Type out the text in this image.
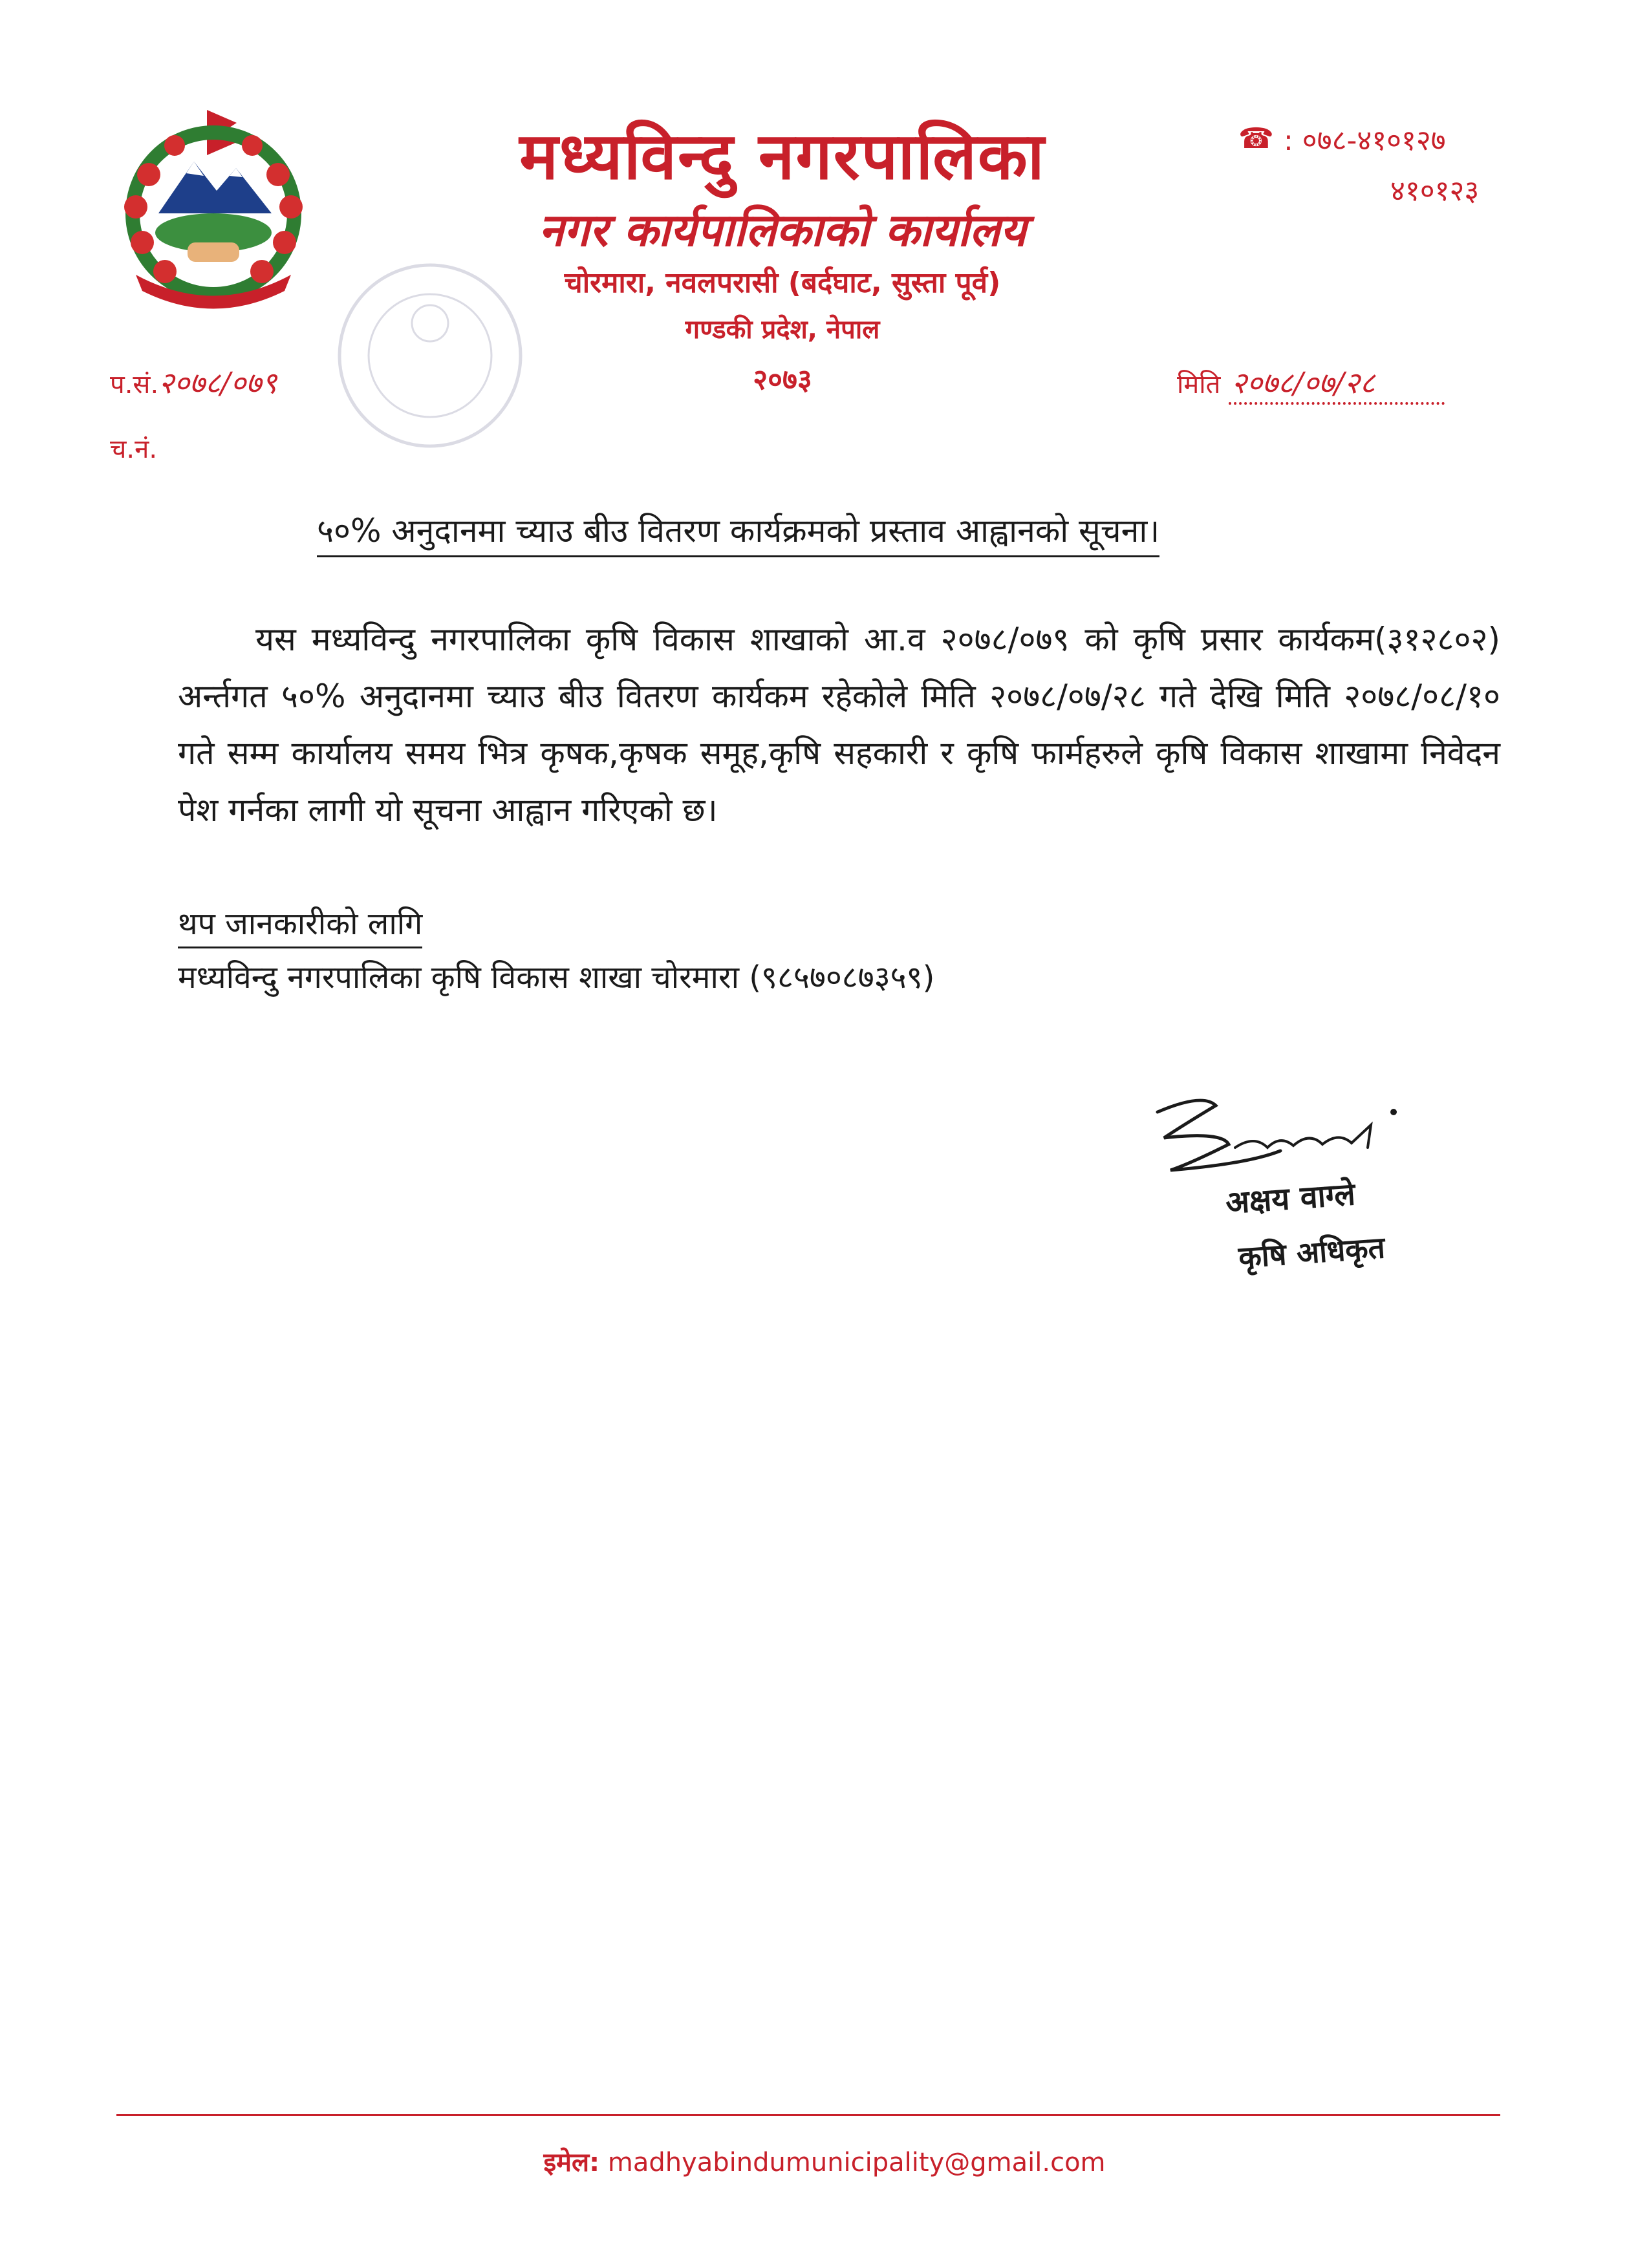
मध्यविन्दु नगरपालिका
नगर कार्यपालिकाको कार्यालय
चोरमारा, नवलपरासी (बर्दघाट, सुस्ता पूर्व)
गण्डकी प्रदेश, नेपाल
२०७३
☎ : ०७८-४१०१२७
४१०१२३
प.सं.२०७८/०७९
च.नं.
मिति २०७८/०७/२८
५०% अनुदानमा च्याउ बीउ वितरण कार्यक्रमको प्रस्ताव आह्वानको सूचना।

यस मध्यविन्दु नगरपालिका कृषि विकास शाखाको आ.व २०७८/०७९ को कृषि प्रसार कार्यकम(३१२८०२) अर्न्तगत ५०% अनुदानमा च्याउ बीउ वितरण कार्यकम रहेकोले मिति २०७८/०७/२८ गते देखि मिति २०७८/०८/१० गते सम्म कार्यालय समय भित्र कृषक,कृषक समूह,कृषि सहकारी र कृषि फार्महरुले कृषि विकास शाखामा निवेदन पेश गर्नका लागी यो सूचना आह्वान गरिएको छ।

थप जानकारीको लागि
मध्यविन्दु नगरपालिका कृषि विकास शाखा चोरमारा (९८५७०८७३५९)
अक्षय वाग्ले
कृषि अधिकृत
इमेल: madhyabindumunicipality@gmail.com
